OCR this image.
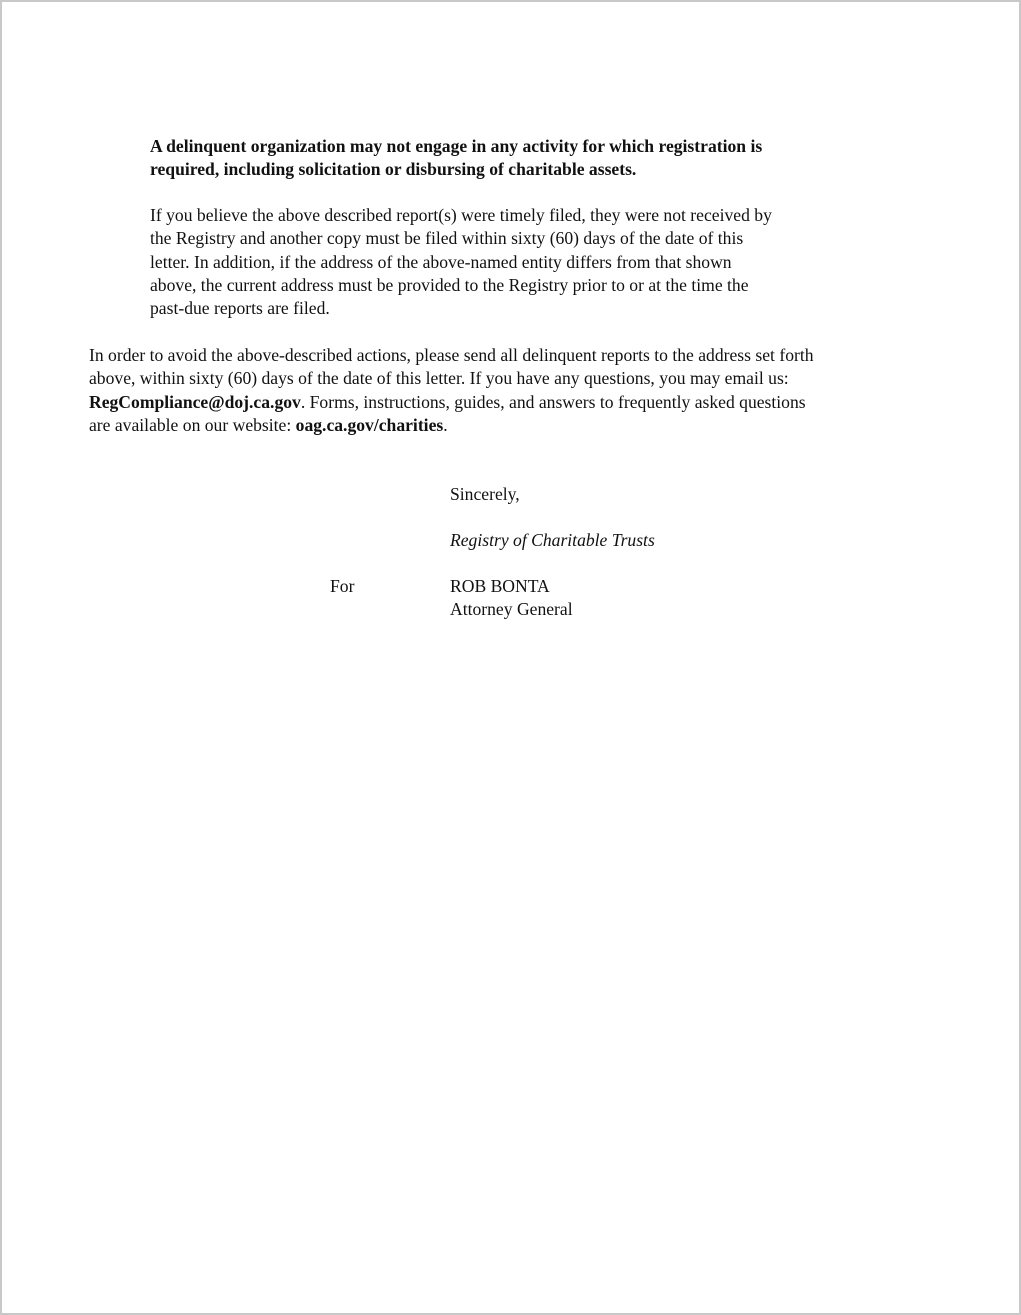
A delinquent organization may not engage in any activity for which registration is
required, including solicitation or disbursing of charitable assets.

If you believe the above described report(s) were timely filed, they were not received by
the Registry and another copy must be filed within sixty (60) days of the date of this
letter. In addition, if the address of the above-named entity differs from that shown
above, the current address must be provided to the Registry prior to or at the time the
past-due reports are filed.

In order to avoid the above-described actions, please send all delinquent reports to the address set forth
above, within sixty (60) days of the date of this letter. If you have any questions, you may email us:
RegCompliance@doj.ca.gov. Forms, instructions, guides, and answers to frequently asked questions
are available on our website: oag.ca.gov/charities.

Sincerely,

Registry of Charitable Trusts

For	ROB BONTA

Attorney General
